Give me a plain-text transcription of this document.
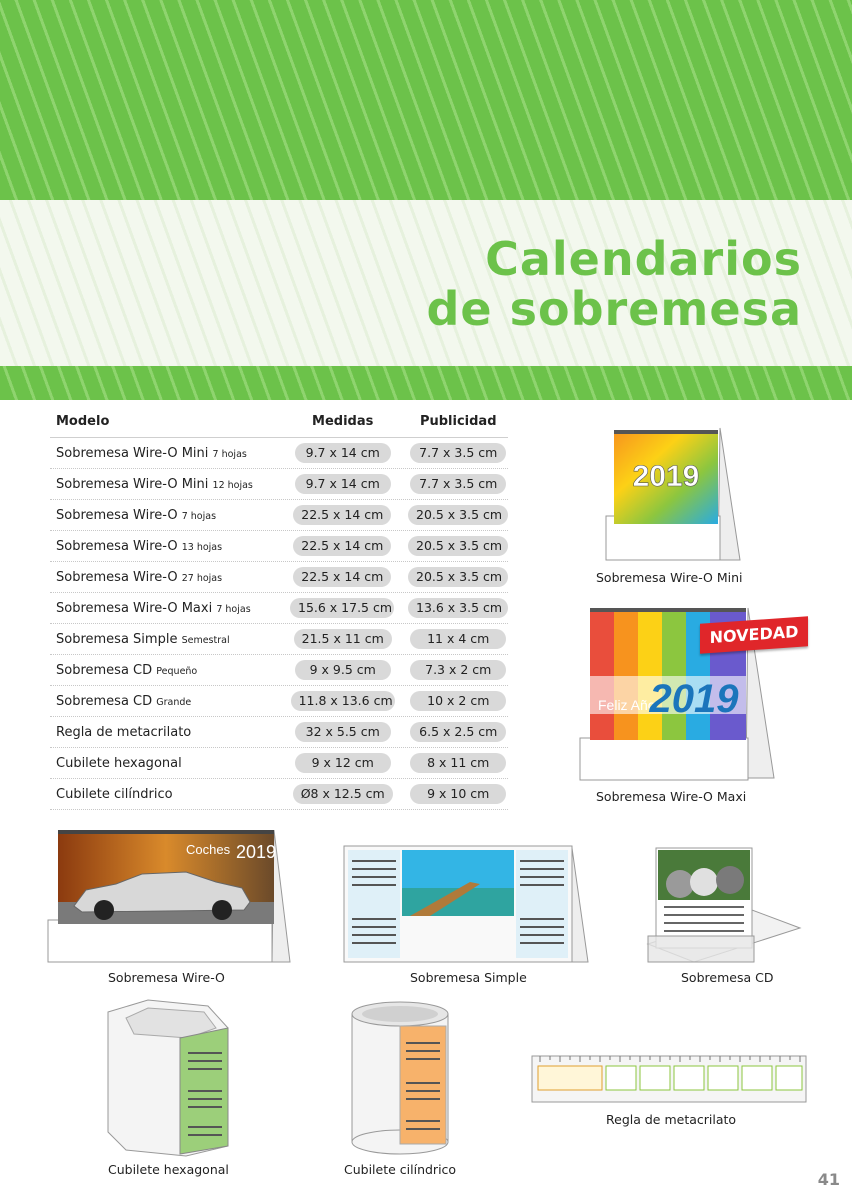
Calendarios
de sobremesa
Modelo	Medidas	Publicidad
Sobremesa Wire-O Mini 7 hojas	9.7 x 14 cm	7.7 x 3.5 cm
Sobremesa Wire-O Mini 12 hojas	9.7 x 14 cm	7.7 x 3.5 cm
Sobremesa Wire-O 7 hojas	22.5 x 14 cm	20.5 x 3.5 cm
Sobremesa Wire-O 13 hojas	22.5 x 14 cm	20.5 x 3.5 cm
Sobremesa Wire-O 27 hojas	22.5 x 14 cm	20.5 x 3.5 cm
Sobremesa Wire-O Maxi 7 hojas	15.6 x 17.5 cm	13.6 x 3.5 cm
Sobremesa Simple Semestral	21.5 x 11 cm	11 x 4 cm
Sobremesa CD Pequeño	9 x 9.5 cm	7.3 x 2 cm
Sobremesa CD Grande	11.8 x 13.6 cm	10 x 2 cm
Regla de metacrilato	32 x 5.5 cm	6.5 x 2.5 cm
Cubilete hexagonal	9 x 12 cm	8 x 11 cm
Cubilete cilíndrico	Ø8 x 12.5 cm	9 x 10 cm
2019
Sobremesa Wire-O Mini
Feliz Año
2019
NOVEDAD
Sobremesa Wire-O Maxi
Coches 2019
Sobremesa Wire-O	Sobremesa Simple	Sobremesa CD
Cubilete hexagonal	Cubilete cilíndrico
Regla de metacrilato
41
